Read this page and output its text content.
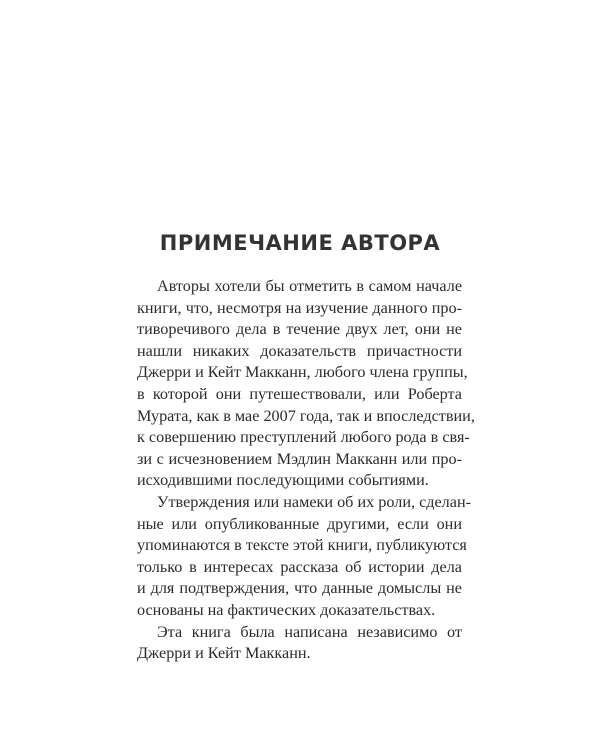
ПРИМЕЧАНИЕ АВТОРА
Авторы хотели бы отметить в самом начале
книги, что, несмотря на изучение данного про-
тиворечивого дела в течение двух лет, они не
нашли никаких доказательств причастности
Джерри и Кейт Макканн, любого члена группы,
в которой они путешествовали, или Роберта
Мурата, как в мае 2007 года, так и впоследствии,
к совершению преступлений любого рода в свя-
зи с исчезновением Мэдлин Макканн или про-
исходившими последующими событиями.
Утверждения или намеки об их роли, сделан-
ные или опубликованные другими, если они
упоминаются в тексте этой книги, публикуются
только в интересах рассказа об истории дела
и для подтверждения, что данные домыслы не
основаны на фактических доказательствах.
Эта книга была написана независимо от
Джерри и Кейт Макканн.
